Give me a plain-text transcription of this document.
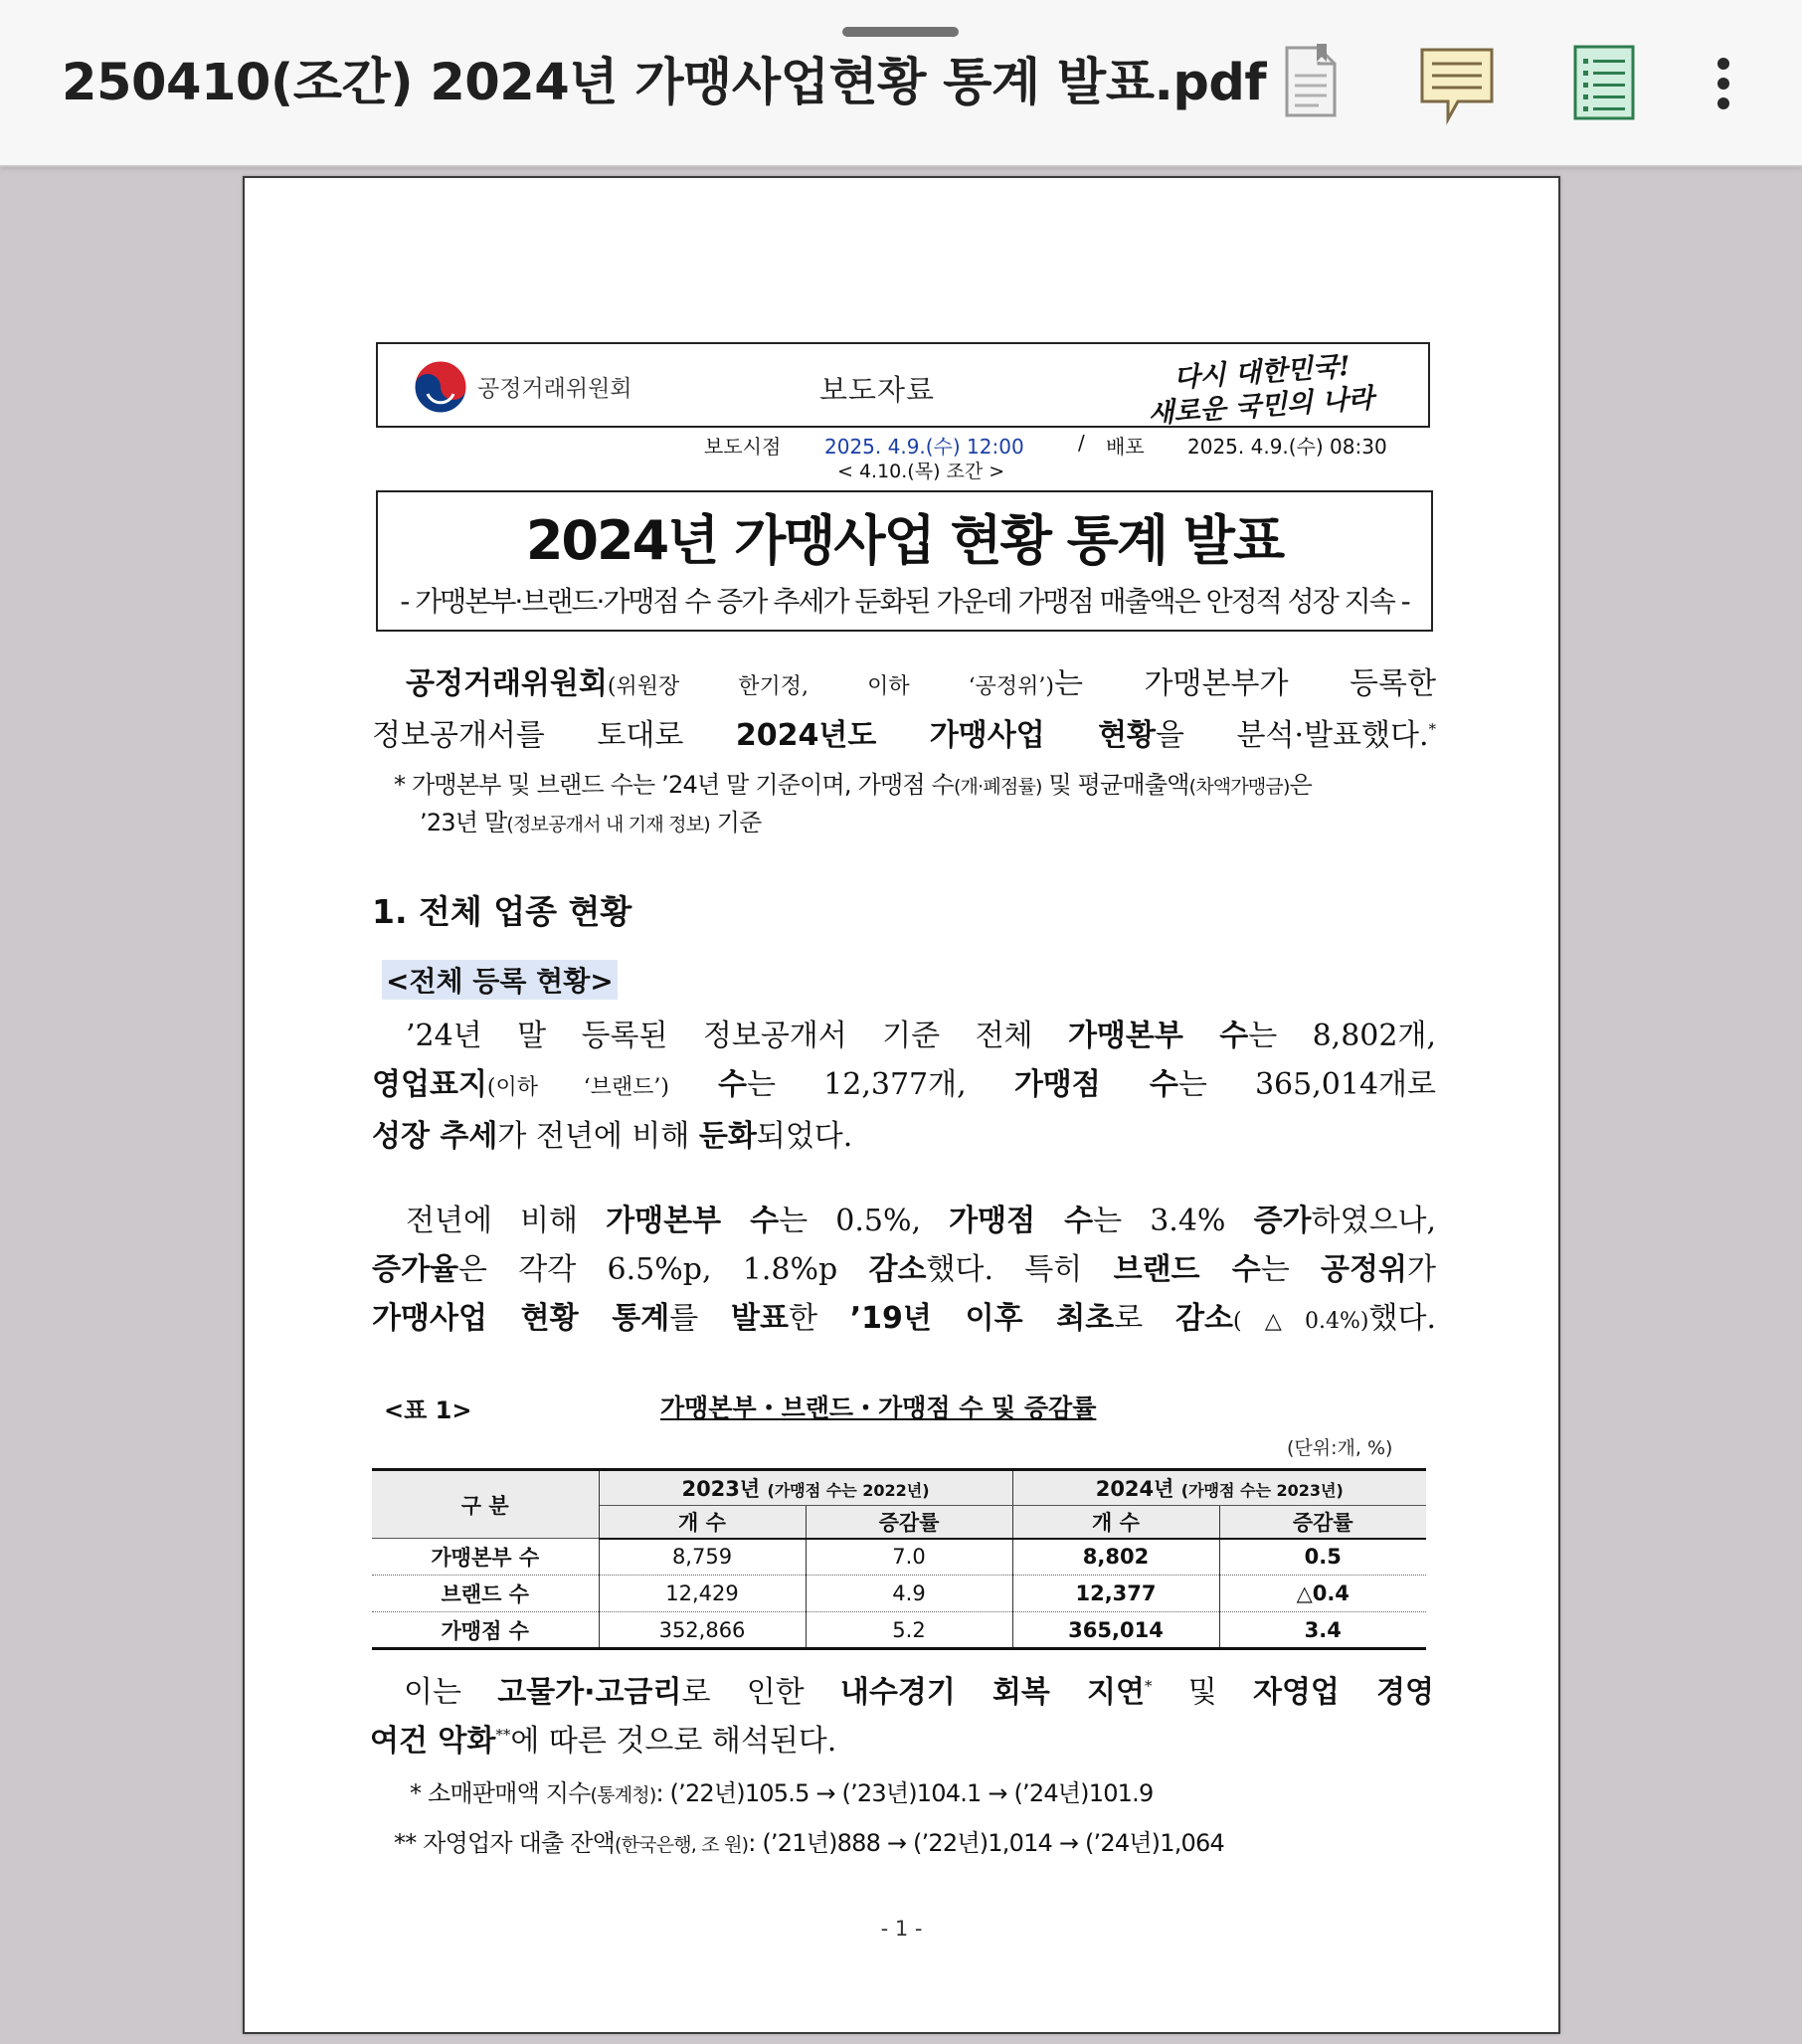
250410(조간) 2024년 가맹사업현황 통계 발표.pdf
공정거래위원회	보도자료	다시 대한민국!
새로운 국민의 나라
보도시점 2025. 4.9.(수) 12:00	/ 배포 2025. 4.9.(수) 08:30
< 4.10.(목) 조간 >
2024년 가맹사업 현황 통계 발표
- 가맹본부·브랜드·가맹점 수 증가 추세가 둔화된 가운데 가맹점 매출액은 안정적 성장 지속 -
공정거래위원회(위원장 한기정, 이하 ‘공정위’)는 가맹본부가 등록한
정보공개서를 토대로 2024년도 가맹사업 현황을 분석·발표했다.*
* 가맹본부 및 브랜드 수는 ’24년 말 기준이며, 가맹점 수(개·폐점률) 및 평균매출액(차액가맹금)은
’23년 말(정보공개서 내 기재 정보) 기준
1. 전체 업종 현황
<전체 등록 현황>
’24년 말 등록된 정보공개서 기준 전체 가맹본부 수는 8,802개,
영업표지(이하 ‘브랜드’) 수는 12,377개, 가맹점 수는 365,014개로
성장 추세가 전년에 비해 둔화되었다.
전년에 비해 가맹본부 수는 0.5%, 가맹점 수는 3.4% 증가하였으나,
증가율은 각각 6.5%p, 1.8%p 감소했다. 특히 브랜드 수는 공정위가
가맹사업 현황 통계를 발표한 ’19년 이후 최초로 감소(△0.4%)했다.
<표 1>	가맹본부・브랜드・가맹점 수 및 증감률
(단위:개, %)
구 분	2023년 (가맹점 수는 2022년)		2024년 (가맹점 수는 2023년)	
	개 수	증감률	개 수	증감률
가맹본부 수	8,759	7.0	8,802	0.5
브랜드 수	12,429	4.9	12,377	△0.4
가맹점 수	352,866	5.2	365,014	3.4
이는 고물가·고금리로 인한 내수경기 회복 지연* 및 자영업 경영
여건 악화**에 따른 것으로 해석된다.
* 소매판매액 지수(통계청): (’22년)105.5 → (’23년)104.1 → (’24년)101.9
** 자영업자 대출 잔액(한국은행, 조 원): (’21년)888 → (’22년)1,014 → (’24년)1,064
- 1 -
